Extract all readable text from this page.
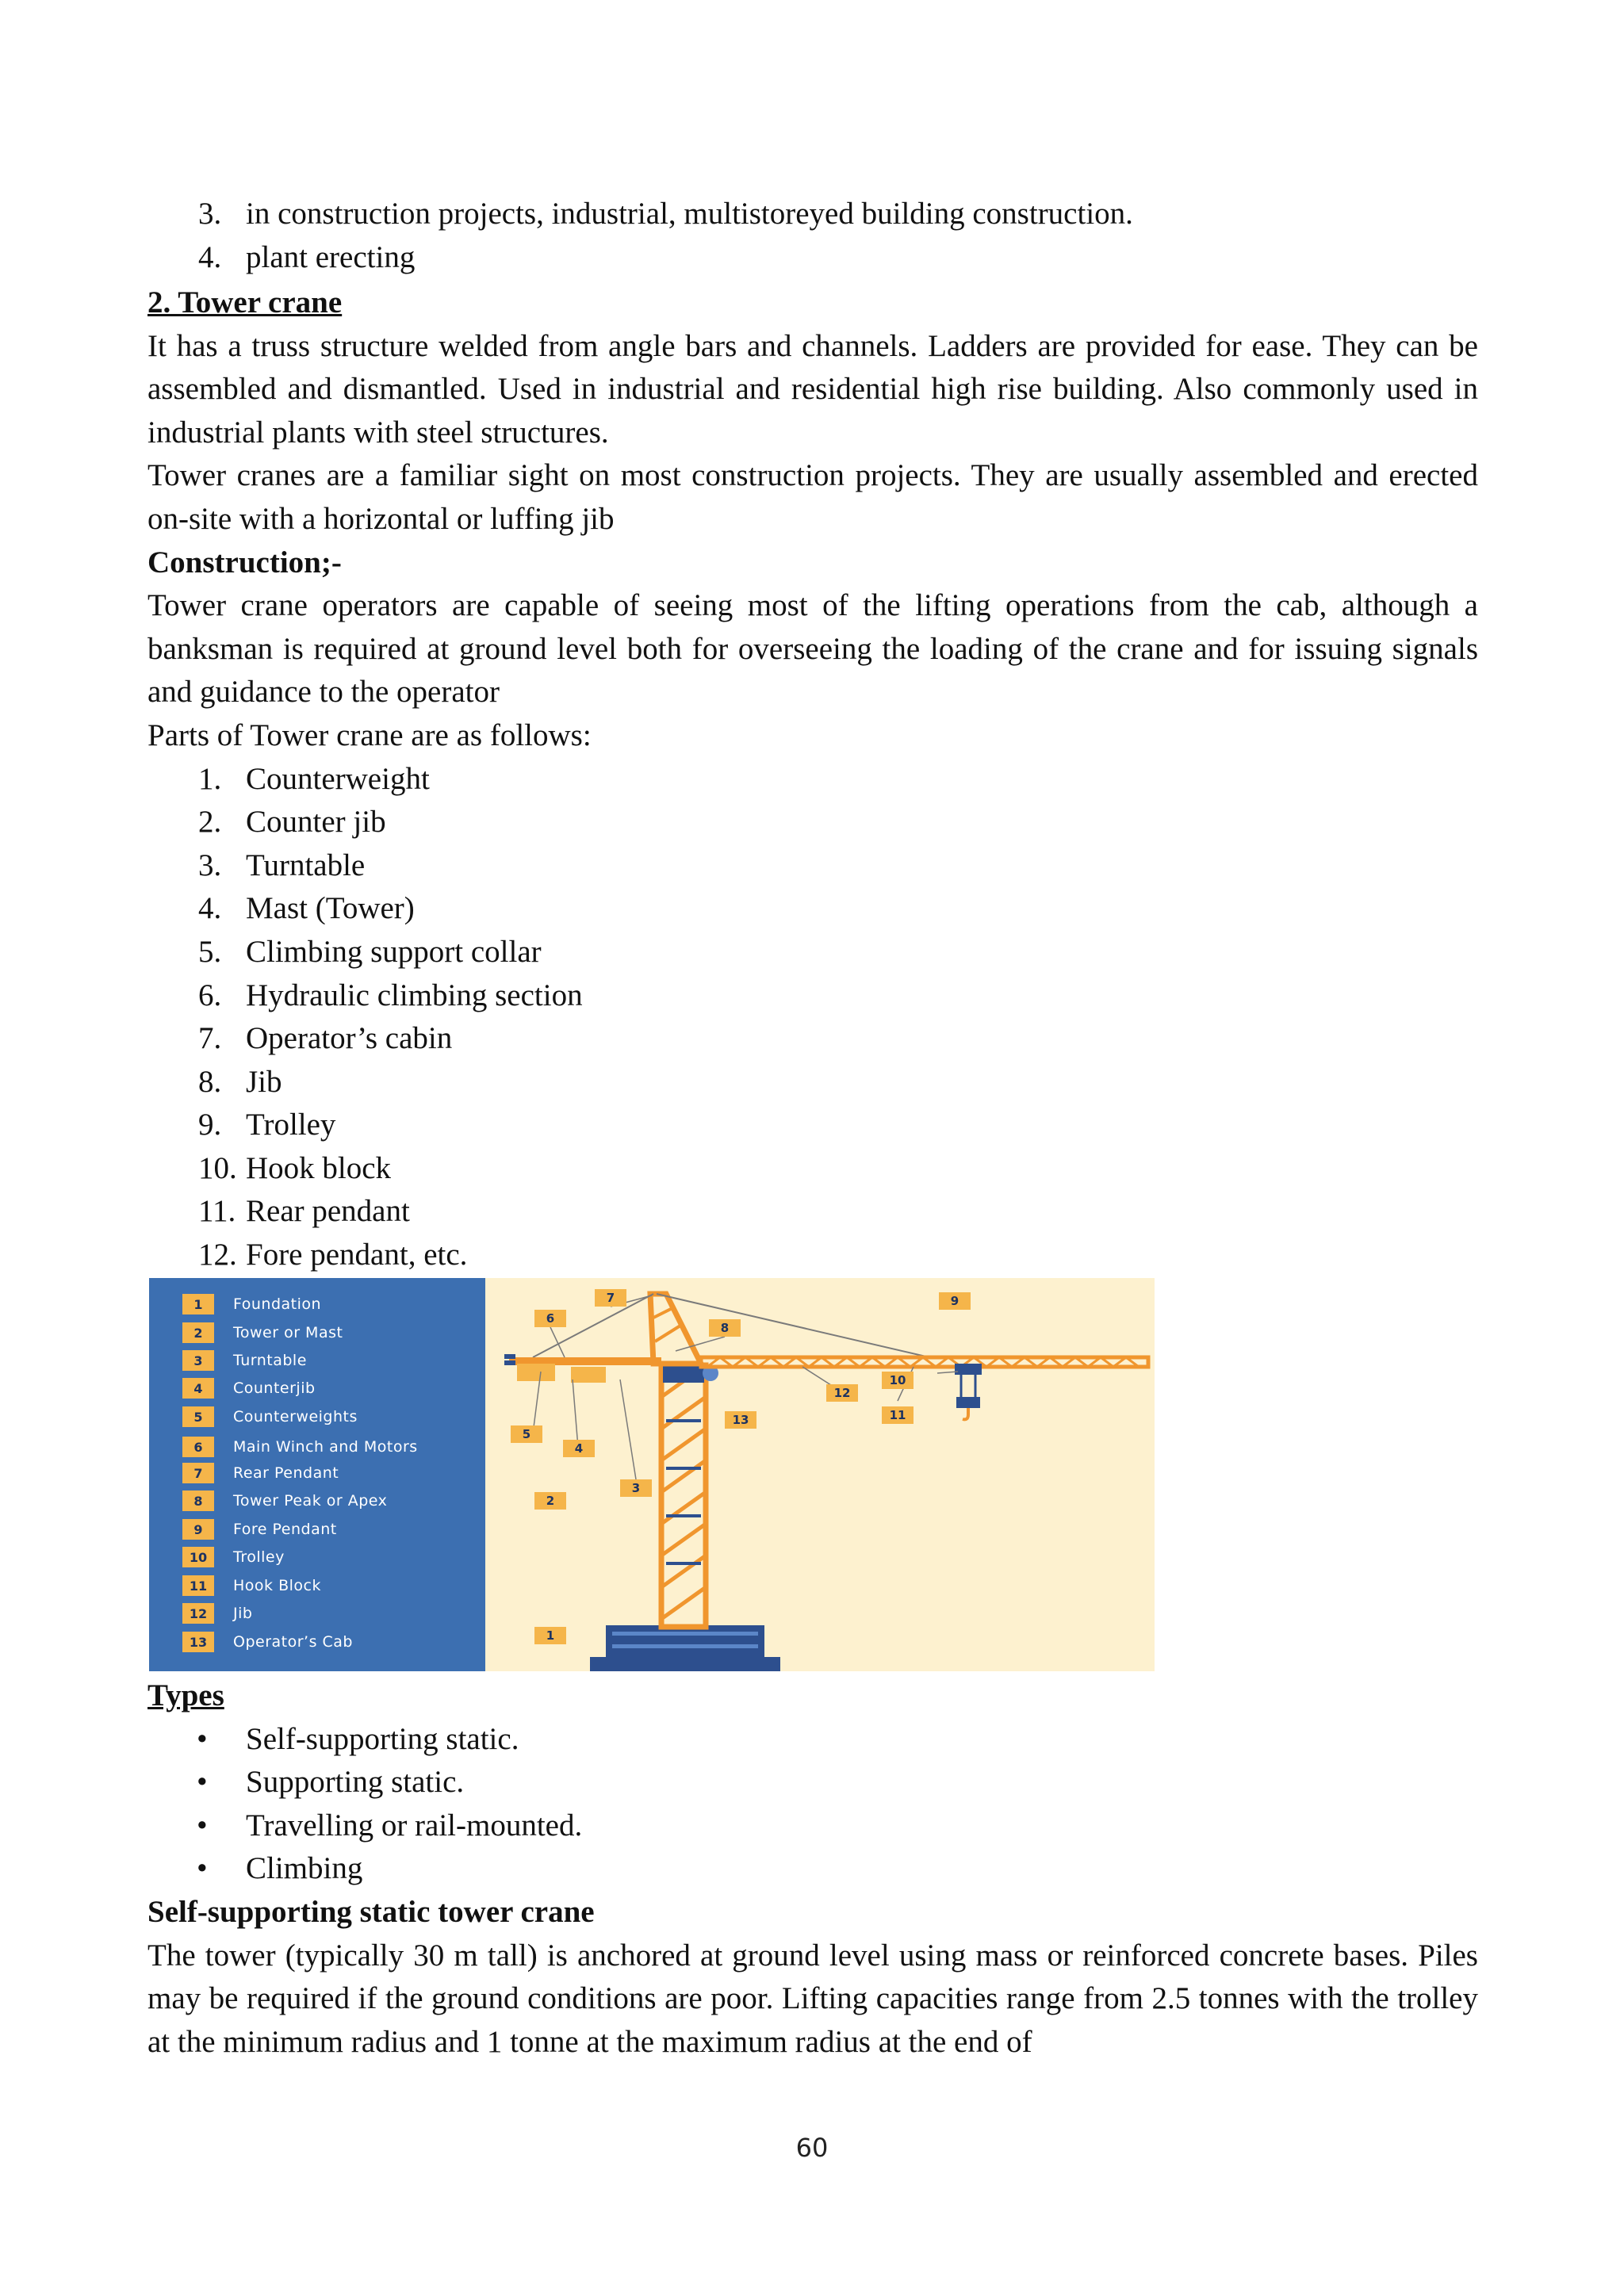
3. in construction projects, industrial, multistoreyed building construction.
4. plant erecting
2. Tower crane

It has a truss structure welded from angle bars and channels. Ladders are provided for ease. They can be assembled and dismantled. Used in industrial and residential high rise building. Also commonly used in industrial plants with steel structures.

Tower cranes are a familiar sight on most construction projects. They are usually assembled and erected on-site with a horizontal or luffing jib

Construction;-

Tower crane operators are capable of seeing most of the lifting operations from the cab, although a banksman is required at ground level both for overseeing the loading of the crane and for issuing signals and guidance to the operator

Parts of Tower crane are as follows:

1. Counterweight
2. Counter jib
3. Turntable
4. Mast (Tower)
5. Climbing support collar
6. Hydraulic climbing section
7. Operator’s cabin
8. Jib
9. Trolley
10. Hook block
11. Rear pendant
12. Fore pendant, etc.
1	Foundation
2	Tower or Mast
3	Turntable
4	Counterjib
5	Counterweights
6	Main Winch and Motors
7	Rear Pendant
8	Tower Peak or Apex
9	Fore Pendant
10	Trolley
11	Hook Block
12	Jib
13	Operator’s Cab	1
2
3
4
5
6
7
8
9
10
11
12
13
Types
• Self-supporting static.
• Supporting static.
• Travelling or rail-mounted.
• Climbing
Self-supporting static tower crane

The tower (typically 30 m tall) is anchored at ground level using mass or reinforced concrete bases. Piles may be required if the ground conditions are poor. Lifting capacities range from 2.5 tonnes with the trolley at the minimum radius and 1 tonne at the maximum radius at the end of

60
